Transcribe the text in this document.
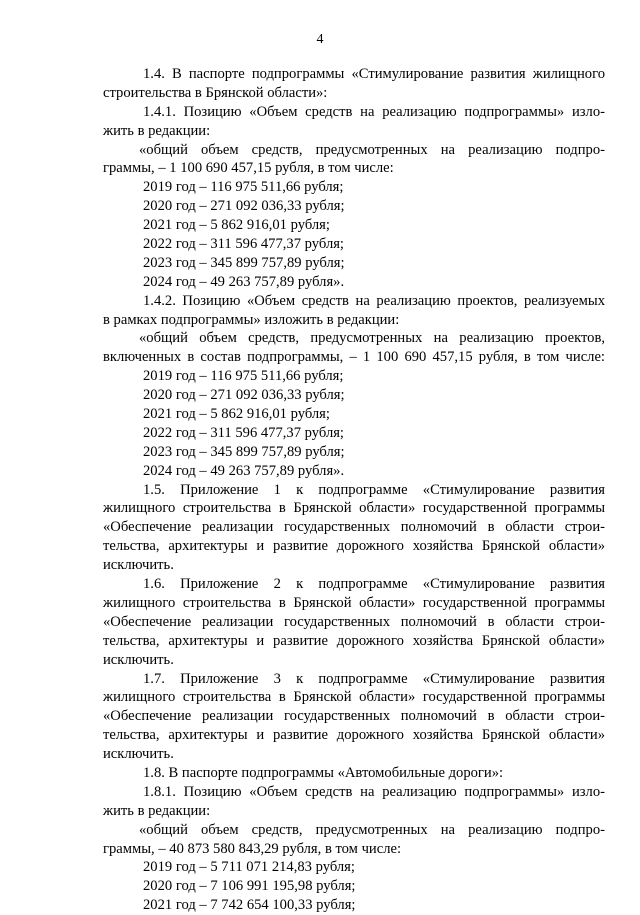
4
1.4. В паспорте подпрограммы «Стимулирование развития жилищного
строительства в Брянской области»:
1.4.1. Позицию «Объем средств на реализацию подпрограммы» изло-
жить в редакции:
«общий объем средств, предусмотренных на реализацию подпро-
граммы, – 1 100 690 457,15 рубля, в том числе:
2019 год – 116 975 511,66 рубля;
2020 год – 271 092 036,33 рубля;
2021 год – 5 862 916,01 рубля;
2022 год – 311 596 477,37 рубля;
2023 год – 345 899 757,89 рубля;
2024 год – 49 263 757,89 рубля».
1.4.2. Позицию «Объем средств на реализацию проектов, реализуемых
в рамках подпрограммы» изложить в редакции:
«общий объем средств, предусмотренных на реализацию проектов,
включенных в состав подпрограммы, – 1 100 690 457,15 рубля, в том числе:
2019 год – 116 975 511,66 рубля;
2020 год – 271 092 036,33 рубля;
2021 год – 5 862 916,01 рубля;
2022 год – 311 596 477,37 рубля;
2023 год – 345 899 757,89 рубля;
2024 год – 49 263 757,89 рубля».
1.5. Приложение 1 к подпрограмме «Стимулирование развития
жилищного строительства в Брянской области» государственной программы
«Обеспечение реализации государственных полномочий в области строи-
тельства, архитектуры и развитие дорожного хозяйства Брянской области»
исключить.
1.6. Приложение 2 к подпрограмме «Стимулирование развития
жилищного строительства в Брянской области» государственной программы
«Обеспечение реализации государственных полномочий в области строи-
тельства, архитектуры и развитие дорожного хозяйства Брянской области»
исключить.
1.7. Приложение 3 к подпрограмме «Стимулирование развития
жилищного строительства в Брянской области» государственной программы
«Обеспечение реализации государственных полномочий в области строи-
тельства, архитектуры и развитие дорожного хозяйства Брянской области»
исключить.
1.8. В паспорте подпрограммы «Автомобильные дороги»:
1.8.1. Позицию «Объем средств на реализацию подпрограммы» изло-
жить в редакции:
«общий объем средств, предусмотренных на реализацию подпро-
граммы, – 40 873 580 843,29 рубля, в том числе:
2019 год – 5 711 071 214,83 рубля;
2020 год – 7 106 991 195,98 рубля;
2021 год – 7 742 654 100,33 рубля;
